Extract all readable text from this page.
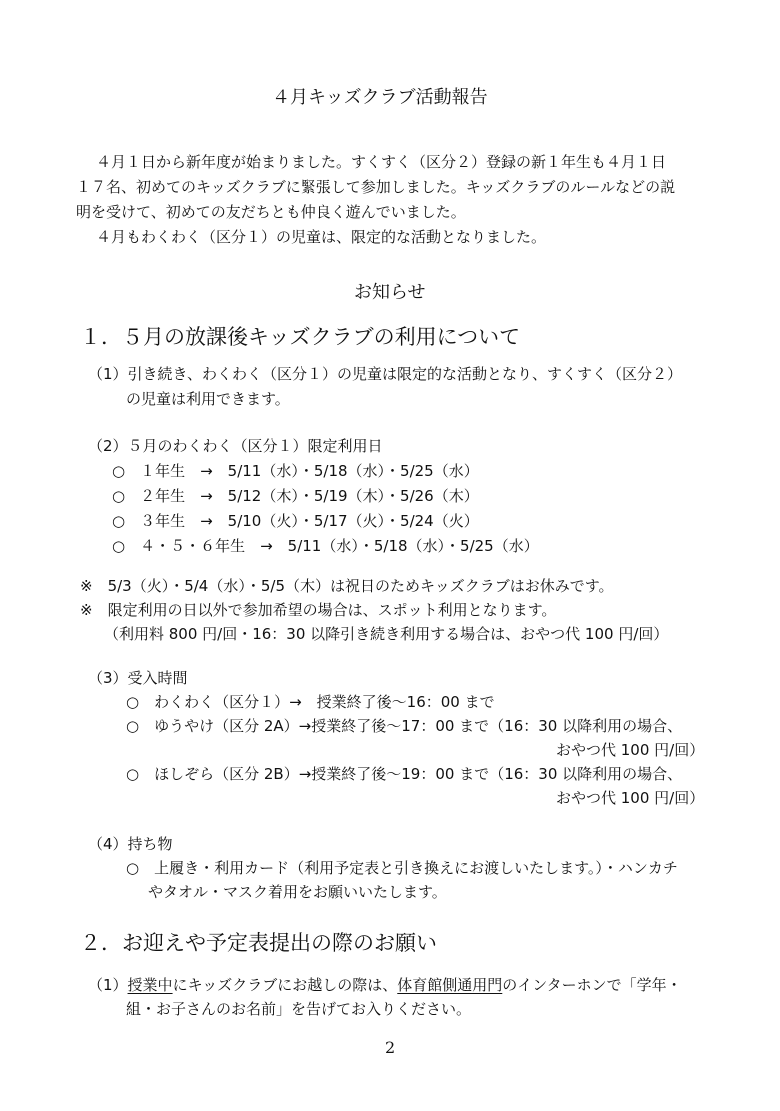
４月キッズクラブ活動報告
４月１日から新年度が始まりました。すくすく（区分２）登録の新１年生も４月１日
１７名、初めてのキッズクラブに緊張して参加しました。キッズクラブのルールなどの説
明を受けて、初めての友だちとも仲良く遊んでいました。
４月もわくわく（区分１）の児童は、限定的な活動となりました。
お知らせ
１．５月の放課後キッズクラブの利用について
（1）引き続き、わくわく（区分１）の児童は限定的な活動となり、すくすく（区分２）
の児童は利用できます。
（2）５月のわくわく（区分１）限定利用日
○　１年生　→　5/11（水）・5/18（水）・5/25（水）
○　２年生　→　5/12（木）・5/19（木）・5/26（木）
○　３年生　→　5/10（火）・5/17（火）・5/24（火）
○　４・５・６年生　→　5/11（水）・5/18（水）・5/25（水）
※　5/3（火）・5/4（水）・5/5（木）は祝日のためキッズクラブはお休みです。
※　限定利用の日以外で参加希望の場合は、スポット利用となります。
（利用料 800 円/回・16：30 以降引き続き利用する場合は、おやつ代 100 円/回）
（3）受入時間
○　わくわく（区分１）→　授業終了後～16：00 まで
○　ゆうやけ（区分 2A）→授業終了後～17：00 まで（16：30 以降利用の場合、
おやつ代 100 円/回）
○　ほしぞら（区分 2B）→授業終了後～19：00 まで（16：30 以降利用の場合、
おやつ代 100 円/回）
（4）持ち物
○　上履き・利用カード（利用予定表と引き換えにお渡しいたします。）・ハンカチ
やタオル・マスク着用をお願いいたします。
２．お迎えや予定表提出の際のお願い
（1）授業中にキッズクラブにお越しの際は、体育館側通用門のインターホンで「学年・
組・お子さんのお名前」を告げてお入りください。
2
